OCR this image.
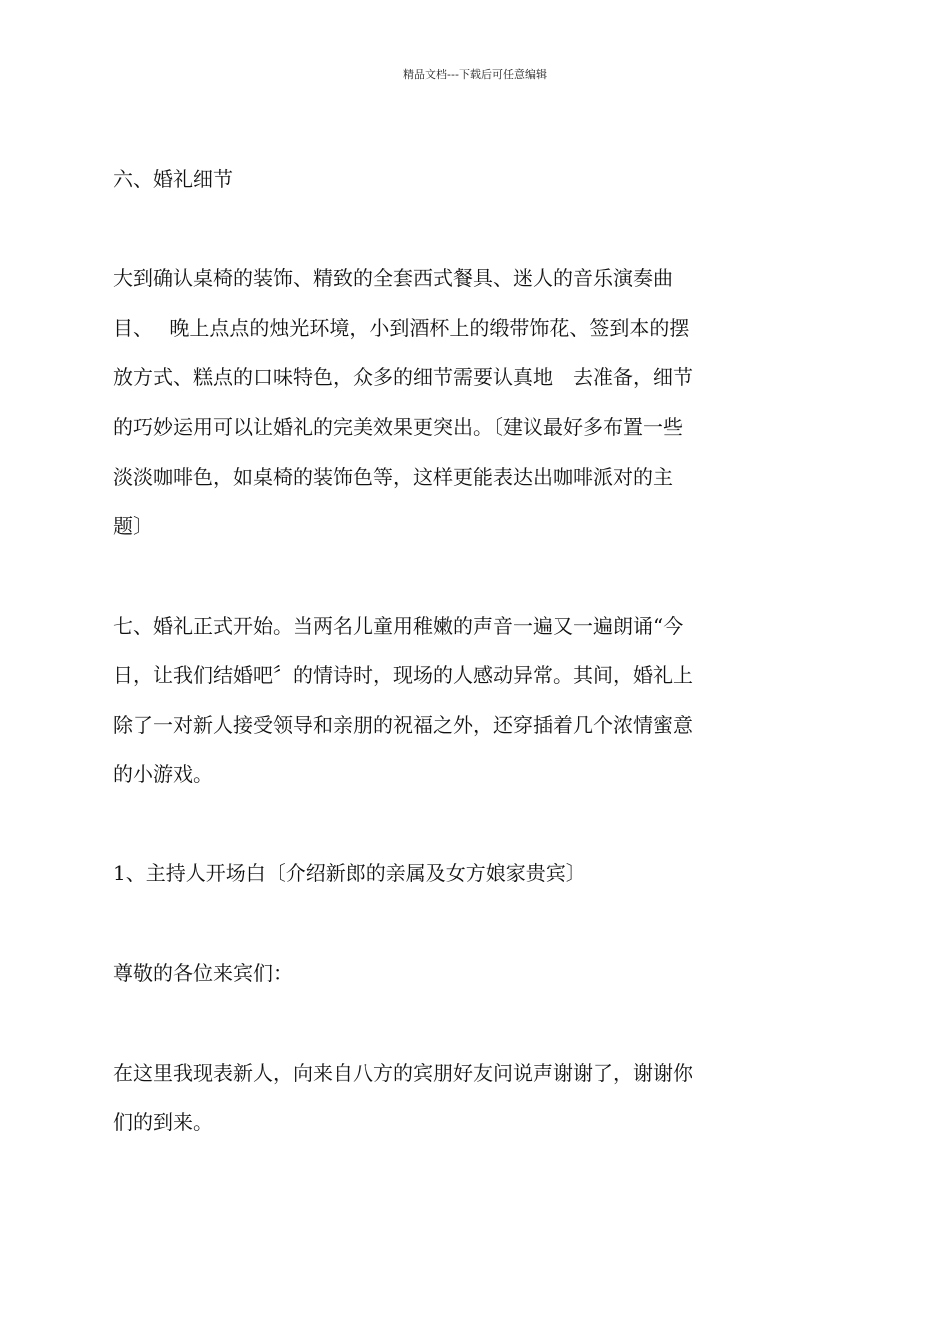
精品文档---下载后可任意编辑
六、婚礼细节
大到确认桌椅的装饰、精致的全套西式餐具、迷人的音乐演奏曲
目、　 晚上点点的烛光环境，小到酒杯上的缎带饰花、签到本的摆
放方式、糕点的口味特色，众多的细节需要认真地　去准备，细节
的巧妙运用可以让婚礼的完美效果更突出。〔建议最好多布置一些
淡淡咖啡色，如桌椅的装饰色等，这样更能表达出咖啡派对的主
题〕
七、婚礼正式开始。当两名儿童用稚嫩的声音一遍又一遍朗诵“今
日，让我们结婚吧〞的情诗时，现场的人感动异常。其间，婚礼上
除了一对新人接受领导和亲朋的祝福之外，还穿插着几个浓情蜜意
的小游戏。
1、主持人开场白〔介绍新郎的亲属及女方娘家贵宾〕
尊敬的各位来宾们：
在这里我现表新人，向来自八方的宾朋好友问说声谢谢了，谢谢你
们的到来。
